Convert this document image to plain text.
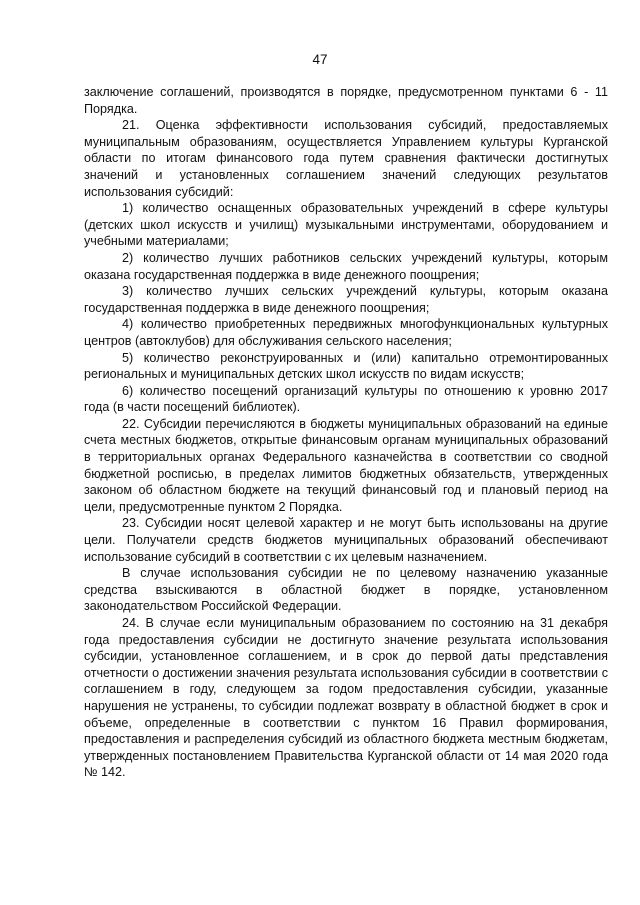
47

заключение соглашений, производятся в порядке, предусмотренном пунктами 6 - 11 Порядка.

21. Оценка эффективности использования субсидий, предоставляемых муниципальным образованиям, осуществляется Управлением культуры Курганской области по итогам финансового года путем сравнения фактически достигнутых значений и установленных соглашением значений следующих результатов использования субсидий:

1) количество оснащенных образовательных учреждений в сфере культуры (детских школ искусств и училищ) музыкальными инструментами, оборудованием и учебными материалами;

2) количество лучших работников сельских учреждений культуры, которым оказана государственная поддержка в виде денежного поощрения;

3) количество лучших сельских учреждений культуры, которым оказана государственная поддержка в виде денежного поощрения;

4) количество приобретенных передвижных многофункциональных культурных центров (автоклубов) для обслуживания сельского населения;

5) количество реконструированных и (или) капитально отремонтированных региональных и муниципальных детских школ искусств по видам искусств;

6) количество посещений организаций культуры по отношению к уровню 2017 года (в части посещений библиотек).

22. Субсидии перечисляются в бюджеты муниципальных образований на единые счета местных бюджетов, открытые финансовым органам муниципальных образований в территориальных органах Федерального казначейства в соответствии со сводной бюджетной росписью, в пределах лимитов бюджетных обязательств, утвержденных законом об областном бюджете на текущий финансовый год и плановый период на цели, предусмотренные пунктом 2 Порядка.

23. Субсидии носят целевой характер и не могут быть использованы на другие цели. Получатели средств бюджетов муниципальных образований обеспечивают использование субсидий в соответствии с их целевым назначением.

В случае использования субсидии не по целевому назначению указанные средства взыскиваются в областной бюджет в порядке, установленном законодательством Российской Федерации.

24. В случае если муниципальным образованием по состоянию на 31 декабря года предоставления субсидии не достигнуто значение результата использования субсидии, установленное соглашением, и в срок до первой даты представления отчетности о достижении значения результата использования субсидии в соответствии с соглашением в году, следующем за годом предоставления субсидии, указанные нарушения не устранены, то субсидии подлежат возврату в областной бюджет в срок и объеме, определенные в соответствии с пунктом 16 Правил формирования, предоставления и распределения субсидий из областного бюджета местным бюджетам, утвержденных постановлением Правительства Курганской области от 14 мая 2020 года № 142.
